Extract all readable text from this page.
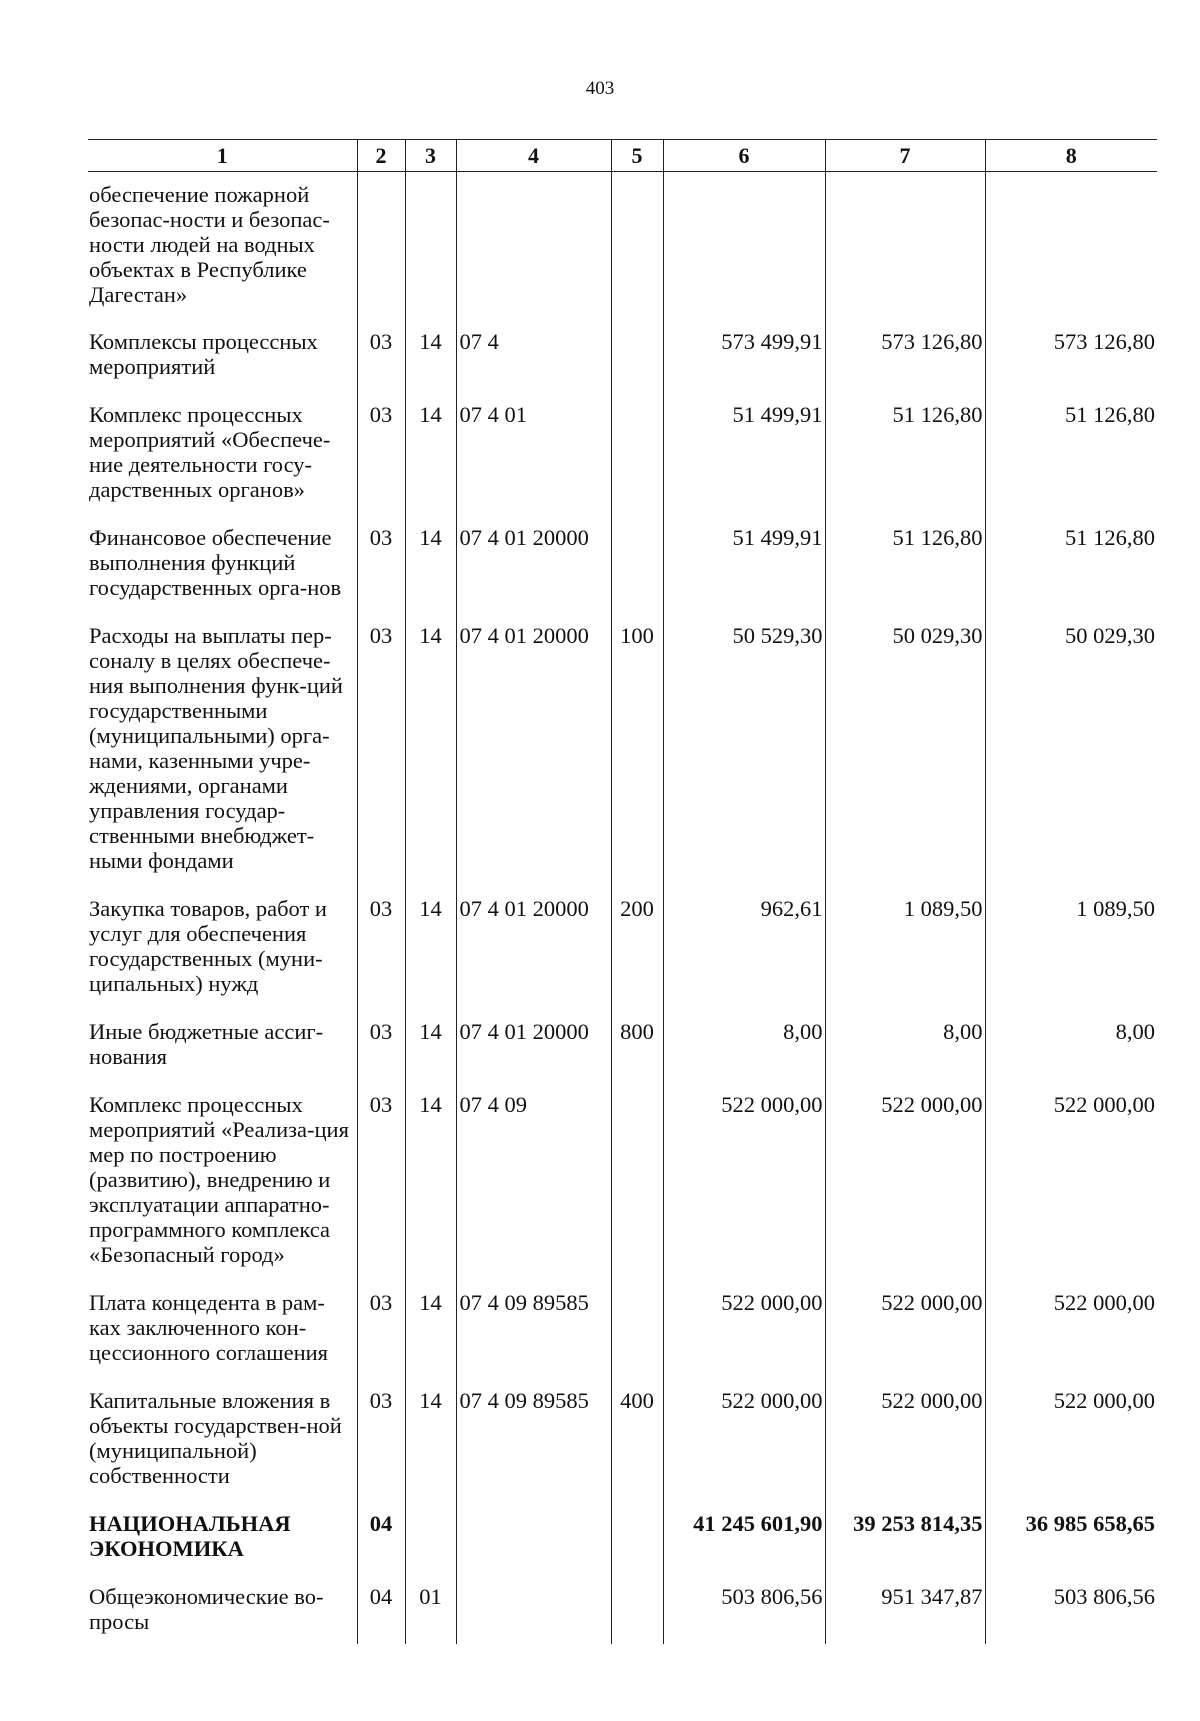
403
1	2	3	4	5	6	7	8
обеспечение пожарной безопас-ности и безопас-ности людей на водных объектах в Республике Дагестан»							
Комплексы процессных мероприятий	03	14	07 4		573 499,91	573 126,80	573 126,80
Комплекс процессных мероприятий «Обеспече-ние деятельности госу-дарственных органов»	03	14	07 4 01		51 499,91	51 126,80	51 126,80
Финансовое обеспечение выполнения функций государственных орга-нов	03	14	07 4 01 20000		51 499,91	51 126,80	51 126,80
Расходы на выплаты пер-соналу в целях обеспече-ния выполнения функ-ций государственными (муниципальными) орга-нами, казенными учре-ждениями, органами управления государ-ственными внебюджет-ными фондами	03	14	07 4 01 20000	100	50 529,30	50 029,30	50 029,30
Закупка товаров, работ и услуг для обеспечения государственных (муни-ципальных) нужд	03	14	07 4 01 20000	200	962,61	1 089,50	1 089,50
Иные бюджетные ассиг-нования	03	14	07 4 01 20000	800	8,00	8,00	8,00
Комплекс процессных мероприятий «Реализа-ция мер по построению (развитию), внедрению и эксплуатации аппаратно-программного комплекса «Безопасный город»	03	14	07 4 09		522 000,00	522 000,00	522 000,00
Плата концедента в рам-ках заключенного кон-цессионного соглашения	03	14	07 4 09 89585		522 000,00	522 000,00	522 000,00
Капитальные вложения в объекты государствен-ной (муниципальной) собственности	03	14	07 4 09 89585	400	522 000,00	522 000,00	522 000,00
НАЦИОНАЛЬНАЯ ЭКОНОМИКА	04				41 245 601,90	39 253 814,35	36 985 658,65
Общеэкономические во-просы	04	01			503 806,56	951 347,87	503 806,56
